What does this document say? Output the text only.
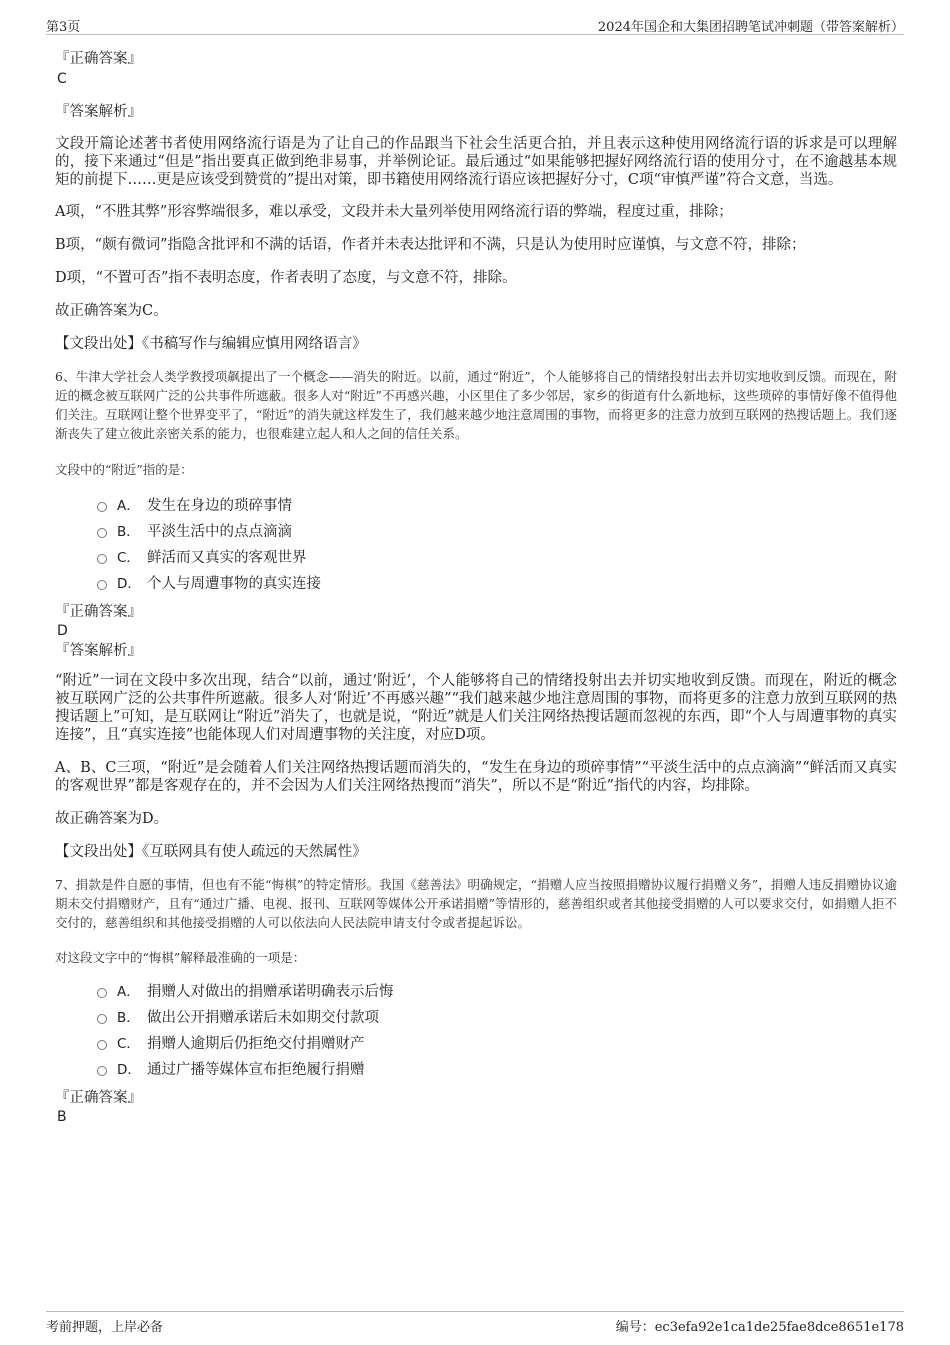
第3页	2024年国企和大集团招聘笔试冲刺题（带答案解析）
『正确答案』
C
『答案解析』
文段开篇论述著书者使用网络流行语是为了让自己的作品跟当下社会生活更合拍，并且表示这种使用网络流行语的诉求是可以理解的，接下来通过“但是”指出要真正做到绝非易事，并举例论证。最后通过“如果能够把握好网络流行语的使用分寸，在不逾越基本规矩的前提下……更是应该受到赞赏的”提出对策，即书籍使用网络流行语应该把握好分寸，C项“审慎严谨”符合文意，当选。
A项，“不胜其弊”形容弊端很多，难以承受，文段并未大量列举使用网络流行语的弊端，程度过重，排除；
B项，“颇有微词”指隐含批评和不满的话语，作者并未表达批评和不满，只是认为使用时应谨慎，与文意不符，排除；
D项，“不置可否”指不表明态度，作者表明了态度，与文意不符，排除。
故正确答案为C。
【文段出处】《书稿写作与编辑应慎用网络语言》
6、牛津大学社会人类学教授项飙提出了一个概念——消失的附近。以前，通过“附近”，个人能够将自己的情绪投射出去并切实地收到反馈。而现在，附近的概念被互联网广泛的公共事件所遮蔽。很多人对“附近”不再感兴趣，小区里住了多少邻居，家乡的街道有什么新地标，这些琐碎的事情好像不值得他们关注。互联网让整个世界变平了，“附近”的消失就这样发生了，我们越来越少地注意周围的事物，而将更多的注意力放到互联网的热搜话题上。我们逐渐丧失了建立彼此亲密关系的能力，也很难建立起人和人之间的信任关系。
文段中的“附近”指的是：
A． 发生在身边的琐碎事情
B． 平淡生活中的点点滴滴
C． 鲜活而又真实的客观世界
D． 个人与周遭事物的真实连接
『正确答案』
D
『答案解析』
“附近”一词在文段中多次出现，结合“以前，通过‘附近’，个人能够将自己的情绪投射出去并切实地收到反馈。而现在，附近的概念被互联网广泛的公共事件所遮蔽。很多人对‘附近’不再感兴趣”“我们越来越少地注意周围的事物，而将更多的注意力放到互联网的热搜话题上”可知，是互联网让“附近”消失了，也就是说，“附近”就是人们关注网络热搜话题而忽视的东西，即“个人与周遭事物的真实连接”，且“真实连接”也能体现人们对周遭事物的关注度，对应D项。
A、B、C三项，“附近”是会随着人们关注网络热搜话题而消失的，“发生在身边的琐碎事情”“平淡生活中的点点滴滴”“鲜活而又真实的客观世界”都是客观存在的，并不会因为人们关注网络热搜而“消失”，所以不是“附近”指代的内容，均排除。
故正确答案为D。
【文段出处】《互联网具有使人疏远的天然属性》
7、捐款是件自愿的事情，但也有不能“悔棋”的特定情形。我国《慈善法》明确规定，“捐赠人应当按照捐赠协议履行捐赠义务”，捐赠人违反捐赠协议逾期未交付捐赠财产，且有“通过广播、电视、报刊、互联网等媒体公开承诺捐赠”等情形的，慈善组织或者其他接受捐赠的人可以要求交付，如捐赠人拒不交付的，慈善组织和其他接受捐赠的人可以依法向人民法院申请支付令或者提起诉讼。
对这段文字中的“悔棋”解释最准确的一项是：
A． 捐赠人对做出的捐赠承诺明确表示后悔
B． 做出公开捐赠承诺后未如期交付款项
C． 捐赠人逾期后仍拒绝交付捐赠财产
D． 通过广播等媒体宣布拒绝履行捐赠
『正确答案』
B
考前押题，上岸必备	编号：ec3efa92e1ca1de25fae8dce8651e178
